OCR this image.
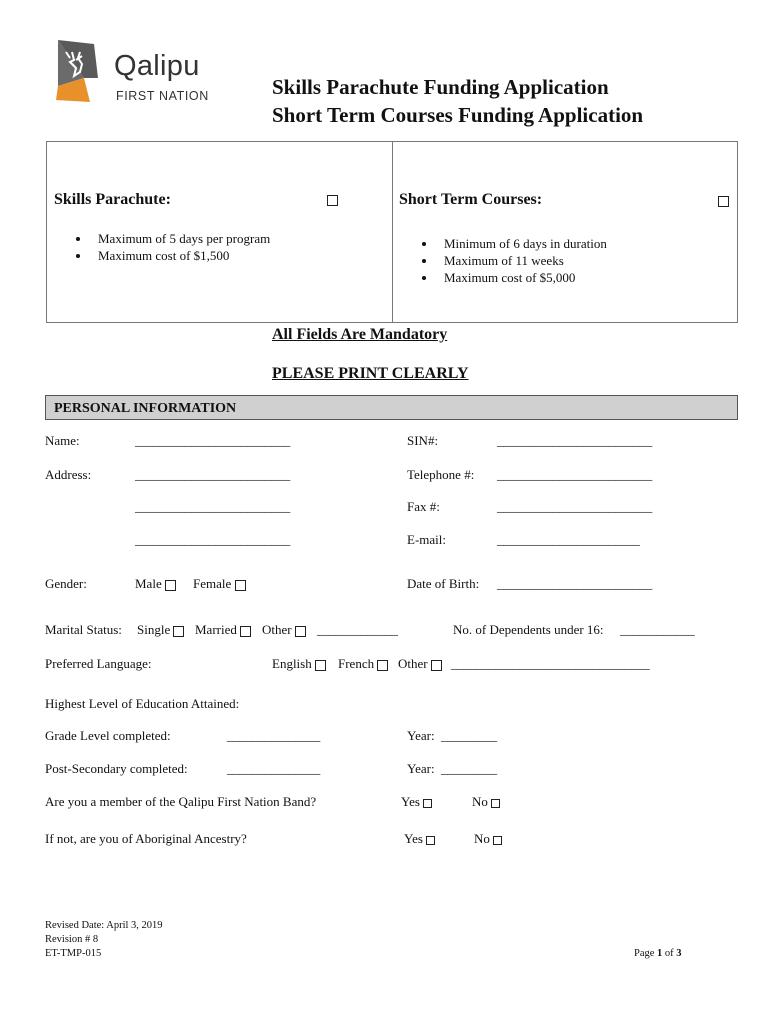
Qalipu
FIRST NATION	Skills Parachute Funding Application
Short Term Courses Funding Application
Skills Parachute:
Maximum of 5 days per program
Maximum cost of $1,500
Short Term Courses:
Minimum of 6 days in duration
Maximum of 11 weeks
Maximum cost of $5,000
All Fields Are Mandatory
PLEASE PRINT CLEARLY
PERSONAL INFORMATION
Name:	_________________________	SIN#:	_________________________
Address:	_________________________	Telephone #: _________________________
_________________________	Fax #:	_________________________
_________________________	E-mail:	_______________________
Gender:	Male	Female	Date of Birth: _________________________
Marital Status: Single	Married	Other	_____________	No. of Dependents under 16: ____________
Preferred Language:	English	French	Other	________________________________
Highest Level of Education Attained:
Grade Level completed:	_______________	Year: _________
Post-Secondary completed:	_______________	Year: _________
Are you a member of the Qalipu First Nation Band?	Yes	No
If not, are you of Aboriginal Ancestry?	Yes	No
Revised Date: April 3, 2019
Revision # 8
ET-TMP-015	Page 1 of 3
